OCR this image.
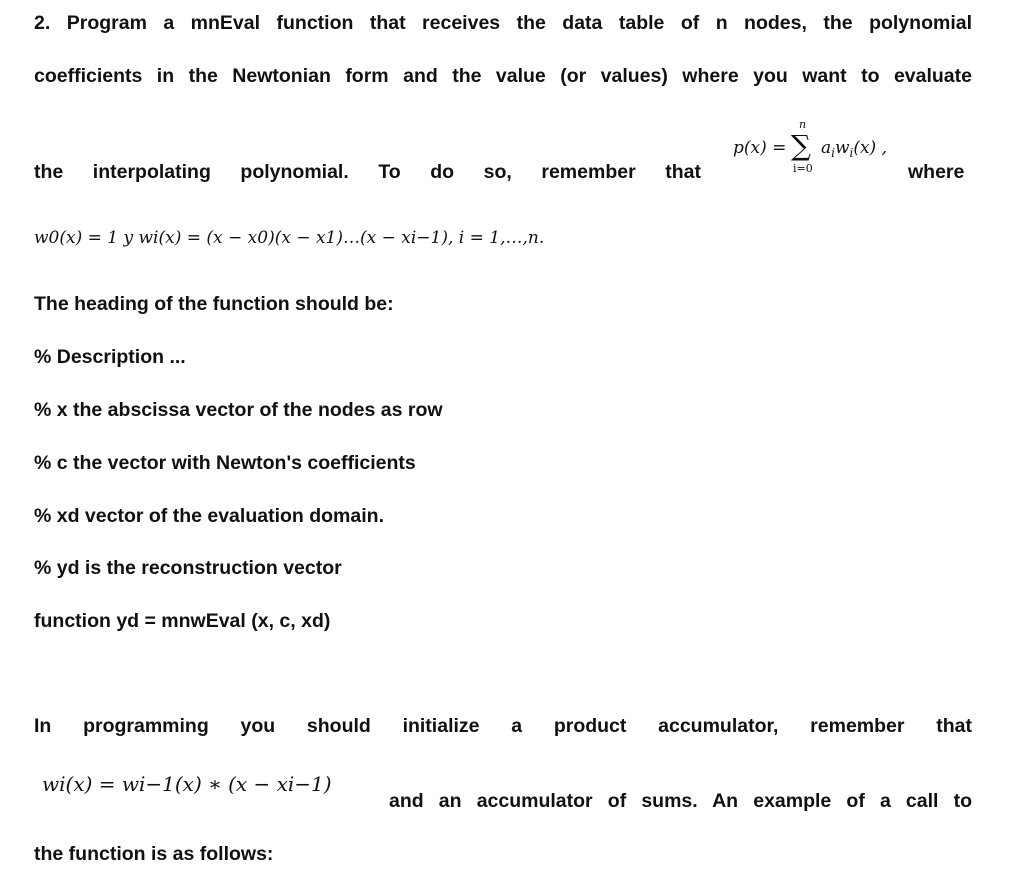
2. Program a mnEval function that receives the data table of n nodes, the polynomial
coefficients in the Newtonian form and the value (or values) where you want to evaluate
the interpolating polynomial. To do so, remember that	where
p(x) =
n
∑
i=0
$a_iw_i(x)$ ,
w0(x) = 1 y wi(x) = (x − x0)(x − x1)…(x − xi−1), i = 1,…,n.
The heading of the function should be:
% Description ...
% x the abscissa vector of the nodes as row
% c the vector with Newton's coefficients
% xd vector of the evaluation domain.
% yd is the reconstruction vector
function yd = mnwEval (x, c, xd)
In programming you should initialize a product accumulator, remember that
wi(x) = wi−1(x) ∗ (x − xi−1)
and an accumulator of sums. An example of a call to
the function is as follows:
